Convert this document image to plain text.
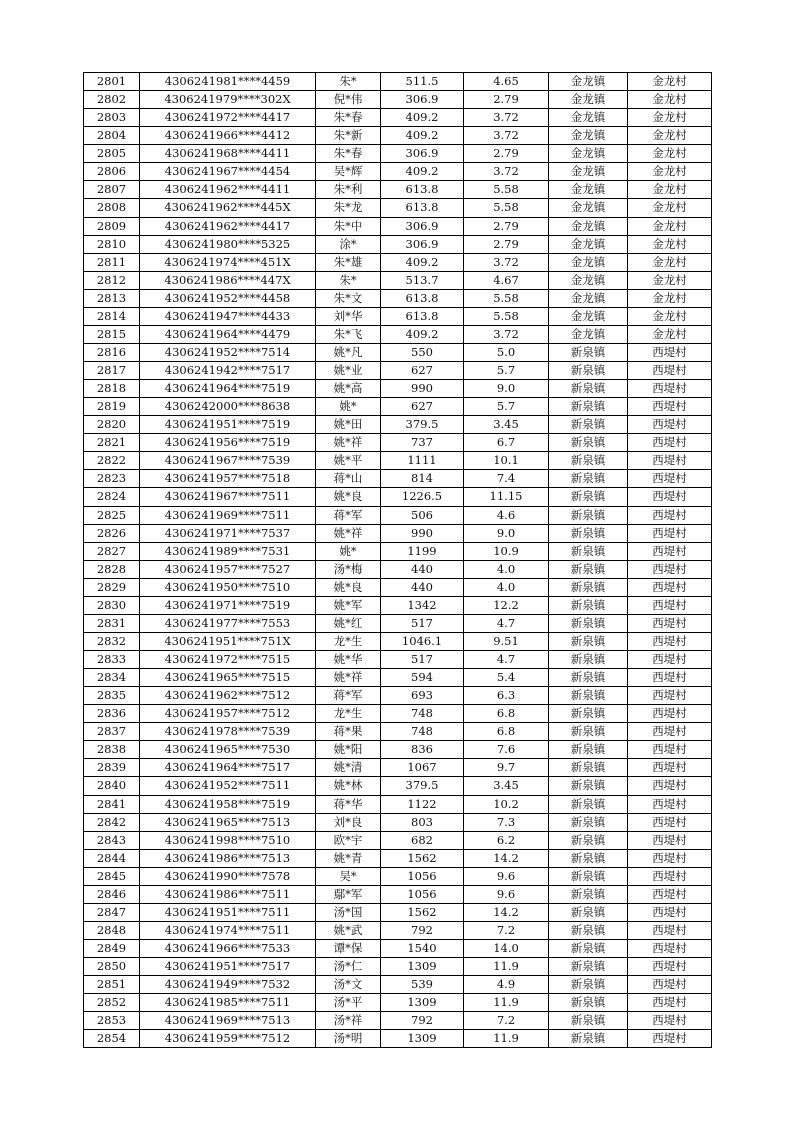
2801	4306241981****4459	朱*	511.5	4.65	金龙镇	金龙村
2802	4306241979****302X	倪*伟	306.9	2.79	金龙镇	金龙村
2803	4306241972****4417	朱*春	409.2	3.72	金龙镇	金龙村
2804	4306241966****4412	朱*新	409.2	3.72	金龙镇	金龙村
2805	4306241968****4411	朱*春	306.9	2.79	金龙镇	金龙村
2806	4306241967****4454	吴*辉	409.2	3.72	金龙镇	金龙村
2807	4306241962****4411	朱*利	613.8	5.58	金龙镇	金龙村
2808	4306241962****445X	朱*龙	613.8	5.58	金龙镇	金龙村
2809	4306241962****4417	朱*中	306.9	2.79	金龙镇	金龙村
2810	4306241980****5325	涂*	306.9	2.79	金龙镇	金龙村
2811	4306241974****451X	朱*雄	409.2	3.72	金龙镇	金龙村
2812	4306241986****447X	朱*	513.7	4.67	金龙镇	金龙村
2813	4306241952****4458	朱*文	613.8	5.58	金龙镇	金龙村
2814	4306241947****4433	刘*华	613.8	5.58	金龙镇	金龙村
2815	4306241964****4479	朱*飞	409.2	3.72	金龙镇	金龙村
2816	4306241952****7514	姚*凡	550	5.0	新泉镇	西堤村
2817	4306241942****7517	姚*业	627	5.7	新泉镇	西堤村
2818	4306241964****7519	姚*高	990	9.0	新泉镇	西堤村
2819	4306242000****8638	姚*	627	5.7	新泉镇	西堤村
2820	4306241951****7519	姚*田	379.5	3.45	新泉镇	西堤村
2821	4306241956****7519	姚*祥	737	6.7	新泉镇	西堤村
2822	4306241967****7539	姚*平	1111	10.1	新泉镇	西堤村
2823	4306241957****7518	蒋*山	814	7.4	新泉镇	西堤村
2824	4306241967****7511	姚*良	1226.5	11.15	新泉镇	西堤村
2825	4306241969****7511	蒋*军	506	4.6	新泉镇	西堤村
2826	4306241971****7537	姚*祥	990	9.0	新泉镇	西堤村
2827	4306241989****7531	姚*	1199	10.9	新泉镇	西堤村
2828	4306241957****7527	汤*梅	440	4.0	新泉镇	西堤村
2829	4306241950****7510	姚*良	440	4.0	新泉镇	西堤村
2830	4306241971****7519	姚*军	1342	12.2	新泉镇	西堤村
2831	4306241977****7553	姚*红	517	4.7	新泉镇	西堤村
2832	4306241951****751X	龙*生	1046.1	9.51	新泉镇	西堤村
2833	4306241972****7515	姚*华	517	4.7	新泉镇	西堤村
2834	4306241965****7515	姚*祥	594	5.4	新泉镇	西堤村
2835	4306241962****7512	蒋*军	693	6.3	新泉镇	西堤村
2836	4306241957****7512	龙*生	748	6.8	新泉镇	西堤村
2837	4306241978****7539	蒋*果	748	6.8	新泉镇	西堤村
2838	4306241965****7530	姚*阳	836	7.6	新泉镇	西堤村
2839	4306241964****7517	姚*清	1067	9.7	新泉镇	西堤村
2840	4306241952****7511	姚*林	379.5	3.45	新泉镇	西堤村
2841	4306241958****7519	蒋*华	1122	10.2	新泉镇	西堤村
2842	4306241965****7513	刘*良	803	7.3	新泉镇	西堤村
2843	4306241998****7510	欧*宇	682	6.2	新泉镇	西堤村
2844	4306241986****7513	姚*青	1562	14.2	新泉镇	西堤村
2845	4306241990****7578	吴*	1056	9.6	新泉镇	西堤村
2846	4306241986****7511	鄢*军	1056	9.6	新泉镇	西堤村
2847	4306241951****7511	汤*国	1562	14.2	新泉镇	西堤村
2848	4306241974****7511	姚*武	792	7.2	新泉镇	西堤村
2849	4306241966****7533	谭*保	1540	14.0	新泉镇	西堤村
2850	4306241951****7517	汤*仁	1309	11.9	新泉镇	西堤村
2851	4306241949****7532	汤*文	539	4.9	新泉镇	西堤村
2852	4306241985****7511	汤*平	1309	11.9	新泉镇	西堤村
2853	4306241969****7513	汤*祥	792	7.2	新泉镇	西堤村
2854	4306241959****7512	汤*明	1309	11.9	新泉镇	西堤村
